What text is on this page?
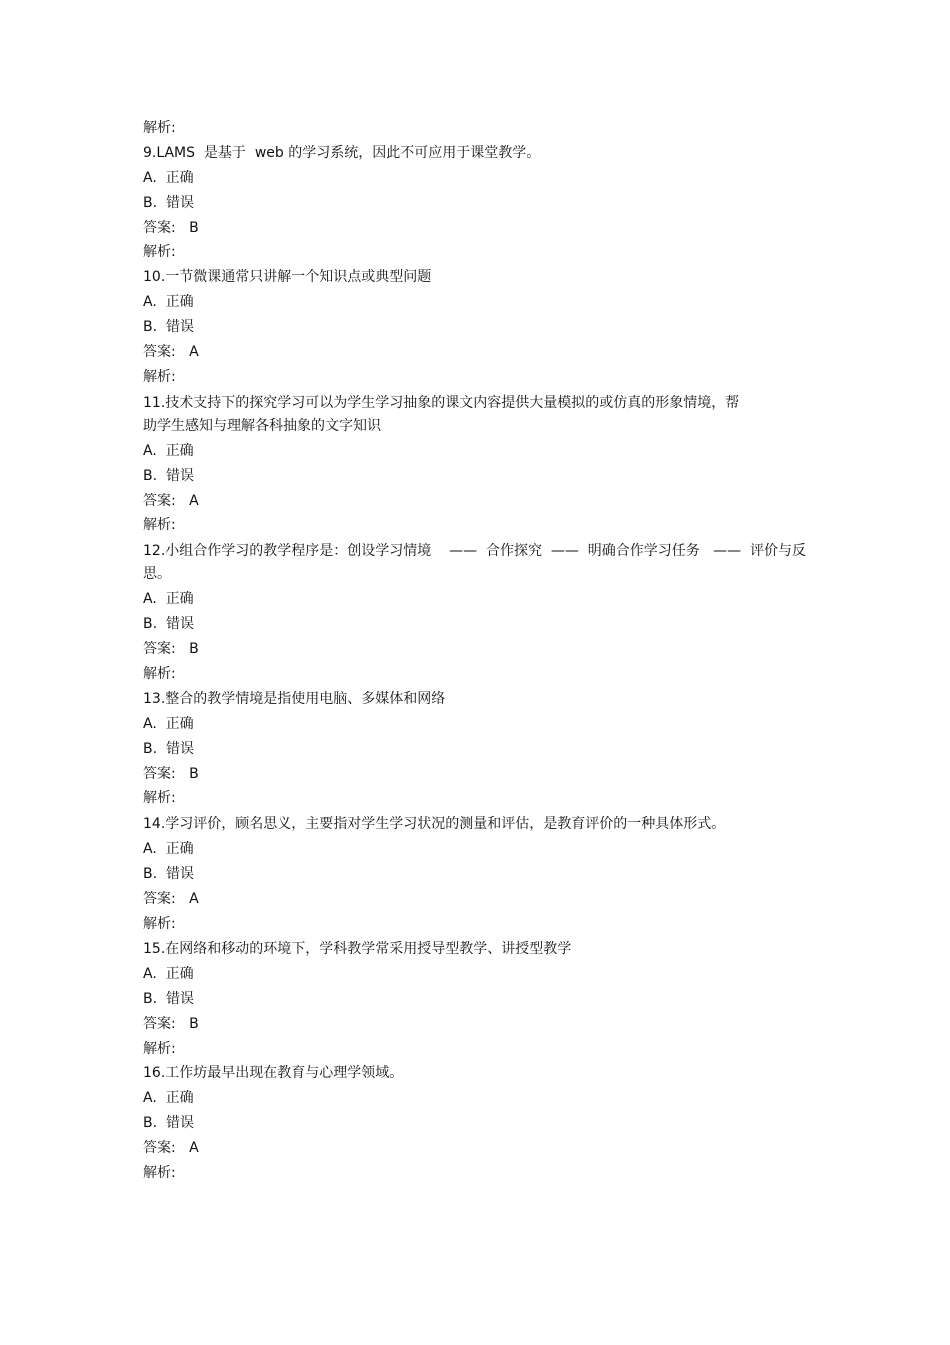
解析:
9.LAMS  是基于  web 的学习系统，因此不可应用于课堂教学。
A.  正确
B.  错误
答案:   B
解析:
10.一节微课通常只讲解一个知识点或典型问题
A.  正确
B.  错误
答案:   A
解析:
11.技术支持下的探究学习可以为学生学习抽象的课文内容提供大量模拟的或仿真的形象情境，帮助学生感知与理解各科抽象的文字知识
A.  正确
B.  错误
答案:   A
解析:
12.小组合作学习的教学程序是：创设学习情境    ——  合作探究  ——  明确合作学习任务   ——  评价与反思。
A.  正确
B.  错误
答案:   B
解析:
13.整合的教学情境是指使用电脑、多媒体和网络
A.  正确
B.  错误
答案:   B
解析:
14.学习评价，顾名思义，主要指对学生学习状况的测量和评估，是教育评价的一种具体形式。
A.  正确
B.  错误
答案:   A
解析:
15.在网络和移动的环境下，学科教学常采用授导型教学、讲授型教学
A.  正确
B.  错误
答案:   B
解析:
16.工作坊最早出现在教育与心理学领域。
A.  正确
B.  错误
答案:   A
解析:
